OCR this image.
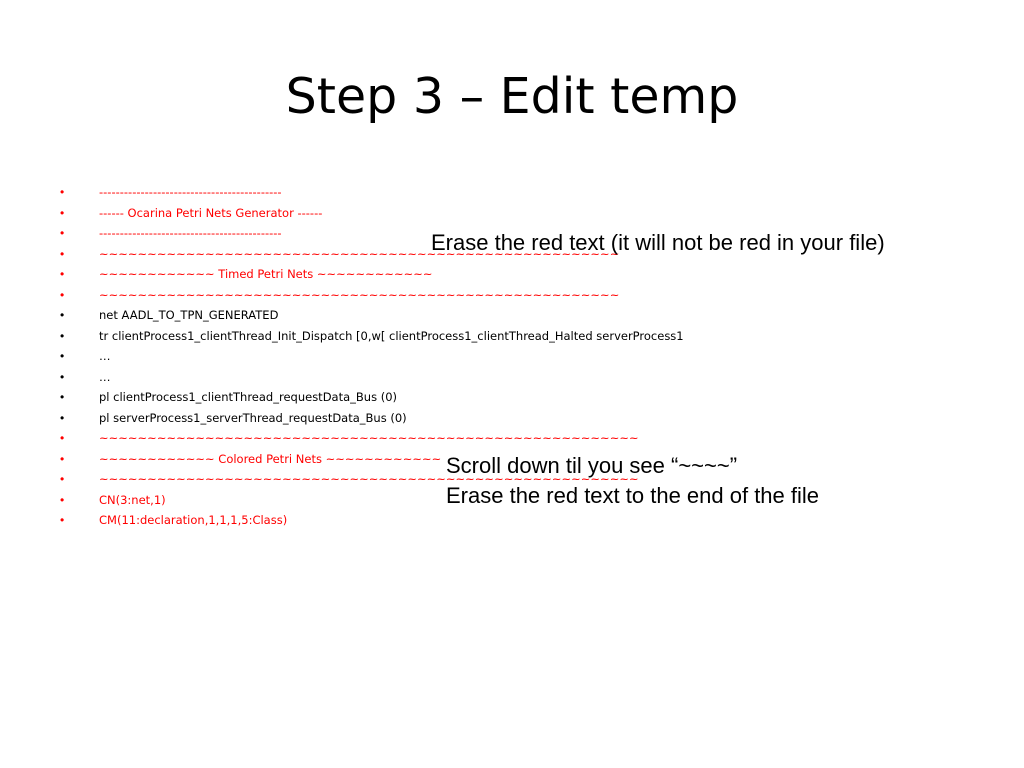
Step 3 – Edit temp
•	--------------------------------------------
•	------ Ocarina Petri Nets Generator ------
•	--------------------------------------------
•	~~~~~~~~~~~~~~~~~~~~~~~~~~~~~~~~~~~~~~~~~~~~~~~~~~~~~~
•	~~~~~~~~~~~~ Timed Petri Nets ~~~~~~~~~~~~
•	~~~~~~~~~~~~~~~~~~~~~~~~~~~~~~~~~~~~~~~~~~~~~~~~~~~~~~
•	net AADL_TO_TPN_GENERATED
•	tr clientProcess1_clientThread_Init_Dispatch [0,w[ clientProcess1_clientThread_Halted serverProcess1
•	…
•	…
•	pl clientProcess1_clientThread_requestData_Bus (0)
•	pl serverProcess1_serverThread_requestData_Bus (0)
•	~~~~~~~~~~~~~~~~~~~~~~~~~~~~~~~~~~~~~~~~~~~~~~~~~~~~~~~~
•	~~~~~~~~~~~~ Colored Petri Nets ~~~~~~~~~~~~
•	~~~~~~~~~~~~~~~~~~~~~~~~~~~~~~~~~~~~~~~~~~~~~~~~~~~~~~~~
•	CN(3:net,1)
•	CM(11:declaration,1,1,1,5:Class)

Erase the red text (it will not be red in your file)

Scroll down til you see “~~~~”
Erase the red text to the end of the file
